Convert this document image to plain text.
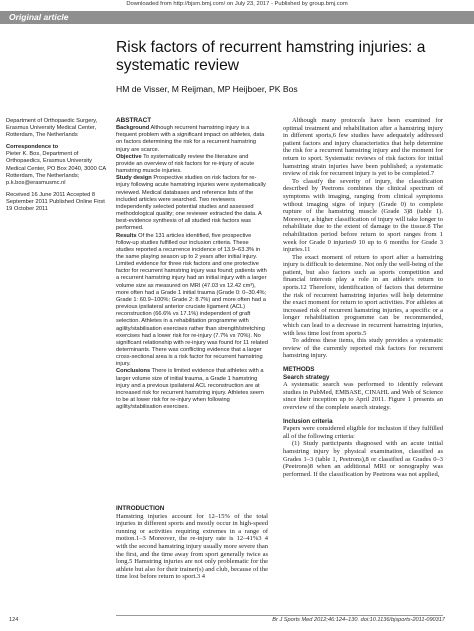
Downloaded from http://bjsm.bmj.com/ on July 23, 2017 - Published by group.bmj.com
Original article
Risk factors of recurrent hamstring injuries: a systematic review
HM de Visser, M Reijman, MP Heijboer, PK Bos

Department of Orthopaedic Surgery, Erasmus University Medical Center, Rotterdam, The Netherlands

Correspondence to

Pieter K. Bos, Department of Orthopaedics, Erasmus University Medical Center, PO Box 2040, 3000 CA Rotterdam, The Netherlands; p.k.bos@erasmusmc.nl

Received 16 June 2011 Accepted 8 September 2011 Published Online First 19 October 2011

ABSTRACT

Background Although recurrent hamstring injury is a frequent problem with a significant impact on athletes, data on factors determining the risk for a recurrent hamstring injury are scarce.

Objective To systematically review the literature and provide an overview of risk factors for re-injury of acute hamstring muscle injuries.

Study design Prospective studies on risk factors for re-injury following acute hamstring injuries were systematically reviewed. Medical databases and reference lists of the included articles were searched. Two reviewers independently selected potential studies and assessed methodological quality; one reviewer extracted the data. A best-evidence synthesis of all studied risk factors was performed.

Results Of the 131 articles identified, five prospective follow-up studies fulfilled our inclusion criteria. These studies reported a recurrence incidence of 13.9–63.3% in the same playing season up to 2 years after initial injury. Limited evidence for three risk factors and one protective factor for recurrent hamstring injury was found; patients with a recurrent hamstring injury had an initial injury with a larger volume size as measured on MRI (47.03 vs 12.42 cm³), more often had a Grade 1 initial trauma (Grade 0: 0–30.4%; Grade 1: 60.9–100%; Grade 2: 8.7%) and more often had a previous ipsilateral anterior cruciate ligament (ACL) reconstruction (66.6% vs 17.1%) independent of graft selection. Athletes in a rehabilitation programme with agility/stabilisation exercises rather than strength/stretching exercises had a lower risk for re-injury (7.7% vs 70%). No significant relationship with re-injury was found for 11 related determinants. There was conflicting evidence that a larger cross-sectional area is a risk factor for recurrent hamstring injury.

Conclusions There is limited evidence that athletes with a larger volume size of initial trauma, a Grade 1 hamstring injury and a previous ipsilateral ACL reconstruction are at increased risk for recurrent hamstring injury. Athletes seem to be at lower risk for re-injury when following agility/stabilisation exercises.

INTRODUCTION

Hamstring injuries account for 12–15% of the total injuries in different sports and mostly occur in high-speed running or activities requiring extremes in a range of motion.1–3 Moreover, the re-injury rate is 12–41%3 4 with the second hamstring injury usually more severe than the first, and the time away from sport generally twice as long.5 Hamstring injuries are not only problematic for the athlete but also for their trainer(s) and club, because of the time lost before return to sport.3 4

Although many protocols have been examined for optimal treatment and rehabilitation after a hamstring injury in different sports,6 few studies have adequately addressed patient factors and injury characteristics that help determine the risk for a recurrent hamstring injury and the moment for return to sport. Systematic reviews of risk factors for initial hamstring strain injuries have been published; a systematic review of risk for recurrent injury is yet to be completed.7

To classify the severity of injury, the classification described by Peetrons combines the clinical spectrum of symptoms with imaging, ranging from clinical symptoms without imaging signs of injury (Grade 0) to complete rupture of the hamstring muscle (Grade 3)8 (table 1). Moreover, a higher classification of injury will take longer to rehabilitate due to the extent of damage to the tissue.8 The rehabilitation period before return to sport ranges from 1 week for Grade 0 injuries9 10 up to 6 months for Grade 3 injuries.11

The exact moment of return to sport after a hamstring injury is difficult to determine. Not only the well-being of the patient, but also factors such as sports competition and financial interests play a role in an athlete's return to sports.12 Therefore, identification of factors that determine the risk of recurrent hamstring injuries will help determine the exact moment for return to sport activities. For athletes at increased risk of recurrent hamstring injuries, a specific or a longer rehabilitation programme can be recommended, which can lead to a decrease in recurrent hamstring injuries, with less time lost from sports.5

To address these items, this study provides a systematic review of the currently reported risk factors for recurrent hamstring injury.

METHODS

Search strategy

A systematic search was performed to identify relevant studies in PubMed, EMBASE, CINAHL and Web of Science since their inception up to April 2011. Figure 1 presents an overview of the complete search strategy.

Inclusion criteria

Papers were considered eligible for inclusion if they fulfilled all of the following criteria:

(1) Study participants diagnosed with an acute initial hamstring injury by physical examination, classified as Grades 1–3 (table 1, Peetrons),8 or classified as Grades 0–3 (Peetrons)8 when an additional MRI or sonography was performed. If the classification by Peetrons was not applied,

124	Br J Sports Med 2012;46:124–130. doi:10.1136/bjsports-2011-090317
